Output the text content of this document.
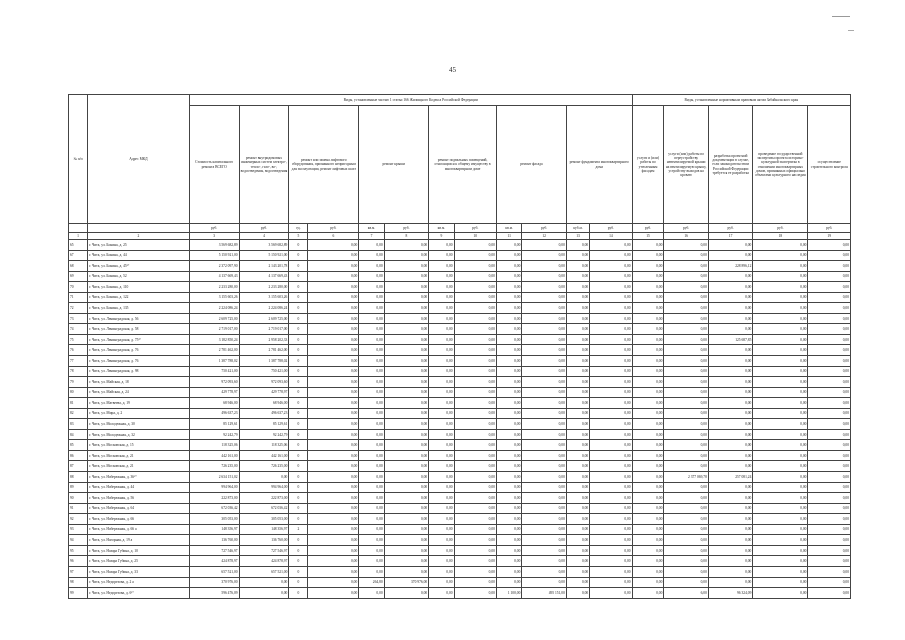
45
№ п/п	Адрес МКД	Виды, установленные частью 1 статьи 166 Жилищного Кодекса Российской Федерации												Виды, установленные нормативным правовым актом Забайкальского края				
		Стоимость капитального ремонта ВСЕГО	ремонт внутридомовых инженерных систем электро-, тепло-, газо-, во-, водоотведения, водоотведения	ремонт или замена лифтового оборудования, признанного непригодным для эксплуатации, ремонт лифтовых шахт		ремонт крыши		ремонт подвальных помещений, относящихся к общему имуществу в многоквартирном доме		ремонт фасада		ремонт фундамента многоквартирного дома		услуги и (или) работы по утепленным фасадам	услуги (или) работы по переустройству невентилируемой крыши на вентилируемую крышу, устройству выходов на кровлю	разработка проектной документации в случае, если законодательством Российской Федерации требуется ее разработка	проведение государственной экспертизы проекта историко-культурной экспертизы в отношении многоквартирных домов, признанных официально объектами культурного наследия	осуществление строительного контроля
		руб.	руб.	ед.	руб.	кв.м.	руб.	кв.м.	руб.	кв.м.	руб.	куб.м.	руб.	руб.	руб.	руб.	руб.	руб.
1	2	3	4	5	6	7	8	9	10	11	12	13	14	15	16	17	18	19
65	г. Чита, ул. Бонина, д. 25	3 569 682,89	3 569 682,89	0	0,00	0,00	0,00	0,00	0,00	0,00	0,00	0,00	0,00	0,00	0,00	0,00	0,00	0,00
67	г. Чита, ул. Бонина, д. 44	5 150 921,00	5 150 921,00	0	0,00	0,00	0,00	0,00	0,00	0,00	0,00	0,00	0,00	0,00	0,00	0,00	0,00	0,00
68	г. Чита, ул. Бонина, д. 45¹⁰	2 372 097,90	2 143 201,78	0	0,00	0,00	0,00	0,00	0,00	0,00	0,00	0,00	0,00	0,00	0,00	228 896,12	0,00	0,00
69	г. Чита, ул. Бонина, д. 52	4 137 669,43	4 137 669,43	0	0,00	0,00	0,00	0,00	0,00	0,00	0,00	0,00	0,00	0,00	0,00	0,00	0,00	0,00
70	г. Чита, ул. Бонина, д. 110	2 233 280,00	2 233 280,00	0	0,00	0,00	0,00	0,00	0,00	0,00	0,00	0,00	0,00	0,00	0,00	0,00	0,00	0,00
71	г. Чита, ул. Бонина, д. 122	3 155 603,26	3 155 603,26	0	0,00	0,00	0,00	0,00	0,00	0,00	0,00	0,00	0,00	0,00	0,00	0,00	0,00	0,00
72	г. Чита, ул. Бонина, д. 135	2 224 086,24	2 224 086,24	0	0,00	0,00	0,00	0,00	0,00	0,00	0,00	0,00	0,00	0,00	0,00	0,00	0,00	0,00
73	г. Чита, ул. Ленинградская, д. 56	2 609 725,00	2 609 725,00	0	0,00	0,00	0,00	0,00	0,00	0,00	0,00	0,00	0,00	0,00	0,00	0,00	0,00	0,00
74	г. Чита, ул. Ленинградская, д. 58	2 719 017,00	2 719 017,00	0	0,00	0,00	0,00	0,00	0,00	0,00	0,00	0,00	0,00	0,00	0,00	0,00	0,00	0,00
75	г. Чита, ул. Ленинградская, д. 75¹⁰	3 182 850,24	2 958 202,33	0	0,00	0,00	0,00	0,00	0,00	0,00	0,00	0,00	0,00	0,00	0,00	125 687,85	0,00	0,00
76	г. Чита, ул. Ленинградская, д. 76	2 781 462,00	2 781 462,00	0	0,00	0,00	0,00	0,00	0,00	0,00	0,00	0,00	0,00	0,00	0,00	0,00	0,00	0,00
77	г. Чита, ул. Ленинградская, д. 76	1 387 788,02	1 387 788,02	0	0,00	0,00	0,00	0,00	0,00	0,00	0,00	0,00	0,00	0,00	0,00	0,00	0,00	0,00
78	г. Чита, ул. Ленинградская, д. 98	750 421,00	750 421,00	0	0,00	0,00	0,00	0,00	0,00	0,00	0,00	0,00	0,00	0,00	0,00	0,00	0,00	0,00
79	г. Чита, ул. Майская, д. 18	972 093,60	972 093,60	0	0,00	0,00	0,00	0,00	0,00	0,00	0,00	0,00	0,00	0,00	0,00	0,00	0,00	0,00
80	г. Чита, ул. Майская, д. 24	429 778,97	429 778,97	0	0,00	0,00	0,00	0,00	0,00	0,00	0,00	0,00	0,00	0,00	0,00	0,00	0,00	0,00
81	г. Чита, ул. Матвеева, д. 19	68 946,00	68 946,00	0	0,00	0,00	0,00	0,00	0,00	0,00	0,00	0,00	0,00	0,00	0,00	0,00	0,00	0,00
82	г. Чита, ул. Мира, д. 2	496 637,23	496 637,23	0	0,00	0,00	0,00	0,00	0,00	0,00	0,00	0,00	0,00	0,00	0,00	0,00	0,00	0,00
83	г. Чита, ул. Молодежная, д. 30	85 129,61	85 129,61	0	0,00	0,00	0,00	0,00	0,00	0,00	0,00	0,00	0,00	0,00	0,00	0,00	0,00	0,00
84	г. Чита, ул. Молодежная, д. 32	92 242,79	92 242,79	0	0,00	0,00	0,00	0,00	0,00	0,00	0,00	0,00	0,00	0,00	0,00	0,00	0,00	0,00
85	г. Чита, ул. Московская, д. 15	118 325,06	118 325,06	0	0,00	0,00	0,00	0,00	0,00	0,00	0,00	0,00	0,00	0,00	0,00	0,00	0,00	0,00
86	г. Чита, ул. Московская, д. 21	442 161,00	442 161,00	0	0,00	0,00	0,00	0,00	0,00	0,00	0,00	0,00	0,00	0,00	0,00	0,00	0,00	0,00
87	г. Чита, ул. Московская, д. 21	726 235,00	726 235,00	0	0,00	0,00	0,00	0,00	0,00	0,00	0,00	0,00	0,00	0,00	0,00	0,00	0,00	0,00
88	г. Чита, ул. Набережная, д. 36¹⁰	2 634 151,02	0,00	0	0,00	0,00	0,00	0,00	0,00	0,00	0,00	0,00	0,00	0,00	2 377 069,78	257 081,24	0,00	0,00
89	г. Чита, ул. Набережная, д. 44	994 964,00	994 964,00	0	0,00	0,00	0,00	0,00	0,00	0,00	0,00	0,00	0,00	0,00	0,00	0,00	0,00	0,00
90	г. Чита, ул. Набережная, д. 56	222 873,00	222 873,00	0	0,00	0,00	0,00	0,00	0,00	0,00	0,00	0,00	0,00	0,00	0,00	0,00	0,00	0,00
91	г. Чита, ул. Набережная, д. 64	672 036,42	672 036,42	0	0,00	0,00	0,00	0,00	0,00	0,00	0,00	0,00	0,00	0,00	0,00	0,00	0,00	0,00
92	г. Чита, ул. Набережная, д. 66	305 053,00	305 053,00	0	0,00	0,00	0,00	0,00	0,00	0,00	0,00	0,00	0,00	0,00	0,00	0,00	0,00	0,00
93	г. Чита, ул. Набережная, д. 66 а	148 356,97	148 356,97	2	0,00	0,00	0,00	0,00	0,00	0,00	0,00	0,00	0,00	0,00	0,00	0,00	0,00	0,00
94	г. Чита, ул. Нагорная, д. 19 а	136 760,00	136 760,00	0	0,00	0,00	0,00	0,00	0,00	0,00	0,00	0,00	0,00	0,00	0,00	0,00	0,00	0,00
95	г. Чита, ул. Назара Губина, д. 10	727 546,97	727 546,97	0	0,00	0,00	0,00	0,00	0,00	0,00	0,00	0,00	0,00	0,00	0,00	0,00	0,00	0,00
96	г. Чита, ул. Назара Губина, д. 25	424 878,97	424 878,97	0	0,00	0,00	0,00	0,00	0,00	0,00	0,00	0,00	0,00	0,00	0,00	0,00	0,00	0,00
97	г. Чита, ул. Назара Губина, д. 33	657 521,00	657 521,00	0	0,00	0,00	0,00	0,00	0,00	0,00	0,00	0,00	0,00	0,00	0,00	0,00	0,00	0,00
98	г. Чита, ул. Недорезова, д. 2 а	370 976,00	0,00	0	0,00	264,80	370 976,00	0,00	0,00	0,00	0,00	0,00	0,00	0,00	0,00	0,00	0,00	0,00
99	г. Чита, ул. Недорезова, д. 6¹⁰	596 476,09	0,00	0	0,00	0,00	0,00	0,00	0,00	1 100,00	495 151,00	0,00	0,00	0,00	6,00	96 324,09	0,00	0,00
